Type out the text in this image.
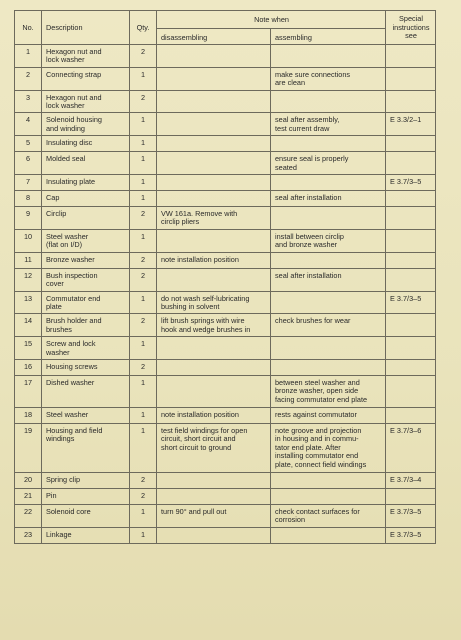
No.	Description	Qty.	Note when		Special
instructions
see

			disassembling	assembling	
1	Hexagon nut and
lock washer	2			
2	Connecting strap	1		make sure connections
are clean	

3	Hexagon nut and
lock washer	2			
4	Solenoid housing
and winding	1		seal after assembly,
test current draw	E 3.3/2–1
5	Insulating disc	1			
6	Molded seal	1		ensure seal is properly
seated	

7	Insulating plate	1			E 3.7/3–5
8	Cap	1		seal after installation	

9	Circlip	2	VW 161a. Remove with
circlip pliers		

10	Steel washer
(flat on I/D)	1		install between circlip
and bronze washer	

11	Bronze washer	2	note installation position		

12	Bush inspection
cover	2		seal after installation	

13	Commutator end
plate	1	do not wash self-lubricating
bushing in solvent		E 3.7/3–5
14	Brush holder and
brushes	2	lift brush springs with wire
hook and wedge brushes in	check brushes for wear	

15	Screw and lock
washer	1			
16	Housing screws	2			
17	Dished washer	1		between steel washer and
bronze washer, open side
facing commutator end plate	

18	Steel washer	1	note installation position	rests against commutator	

19	Housing and field
windings	1	test field windings for open
circuit, short circuit and
short circuit to ground	note groove and projection
in housing and in commu-
tator end plate. After
installing commutator end
plate, connect field windings	E 3.7/3–6
20	Spring clip	2			E 3.7/3–4
21	Pin	2			
22	Solenoid core	1	turn 90° and pull out	check contact surfaces for
corrosion	E 3.7/3–5
23	Linkage	1			E 3.7/3–5
